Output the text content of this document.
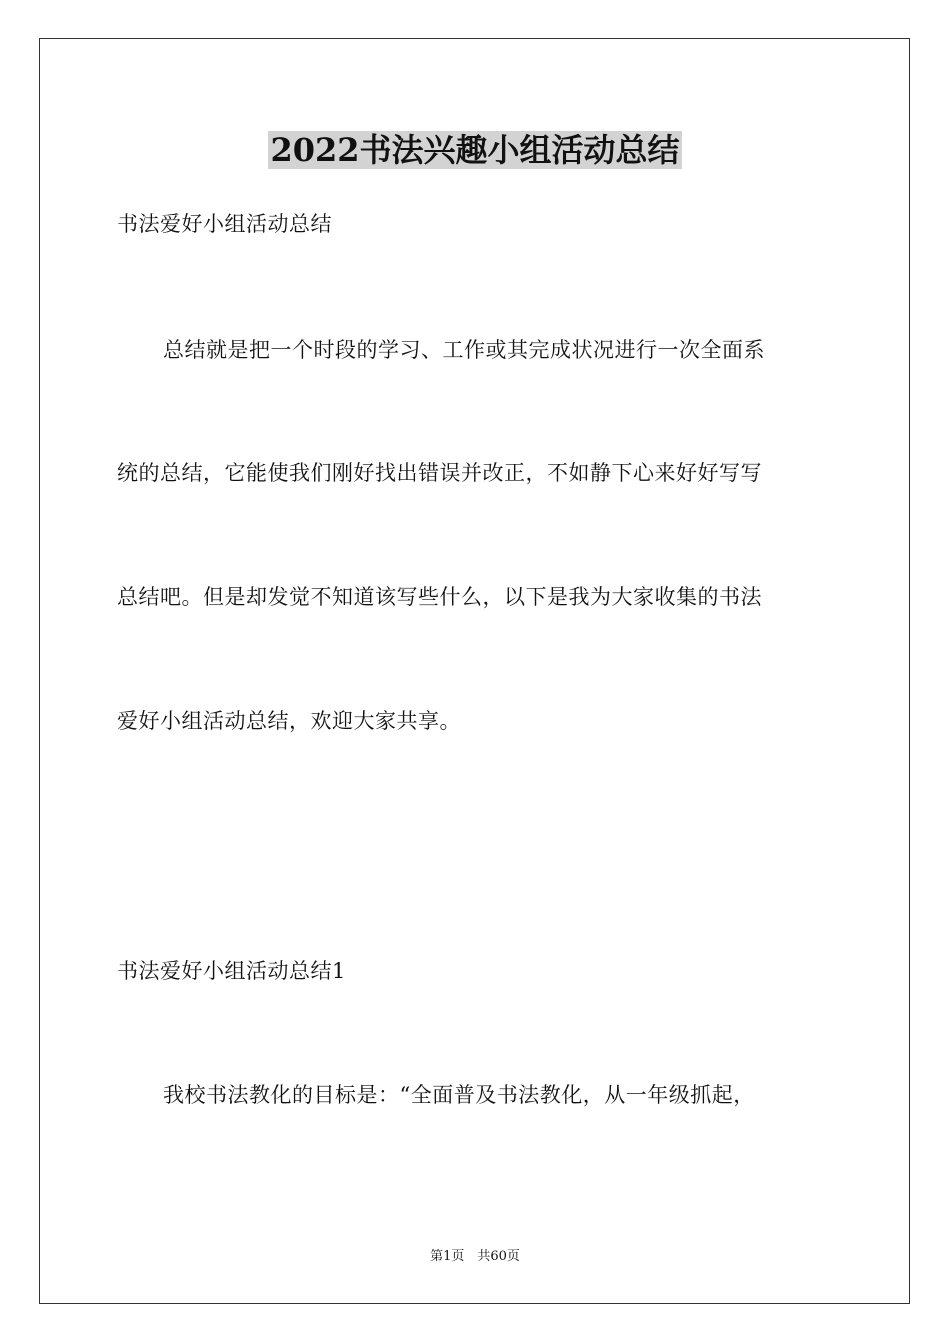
2022书法兴趣小组活动总结
书法爱好小组活动总结
总结就是把一个时段的学习、工作或其完成状况进行一次全面系
统的总结，它能使我们刚好找出错误并改正，不如静下心来好好写写
总结吧。但是却发觉不知道该写些什么，以下是我为大家收集的书法
爱好小组活动总结，欢迎大家共享。
书法爱好小组活动总结1
我校书法教化的目标是：“全面普及书法教化，从一年级抓起，
第1页　共60页
